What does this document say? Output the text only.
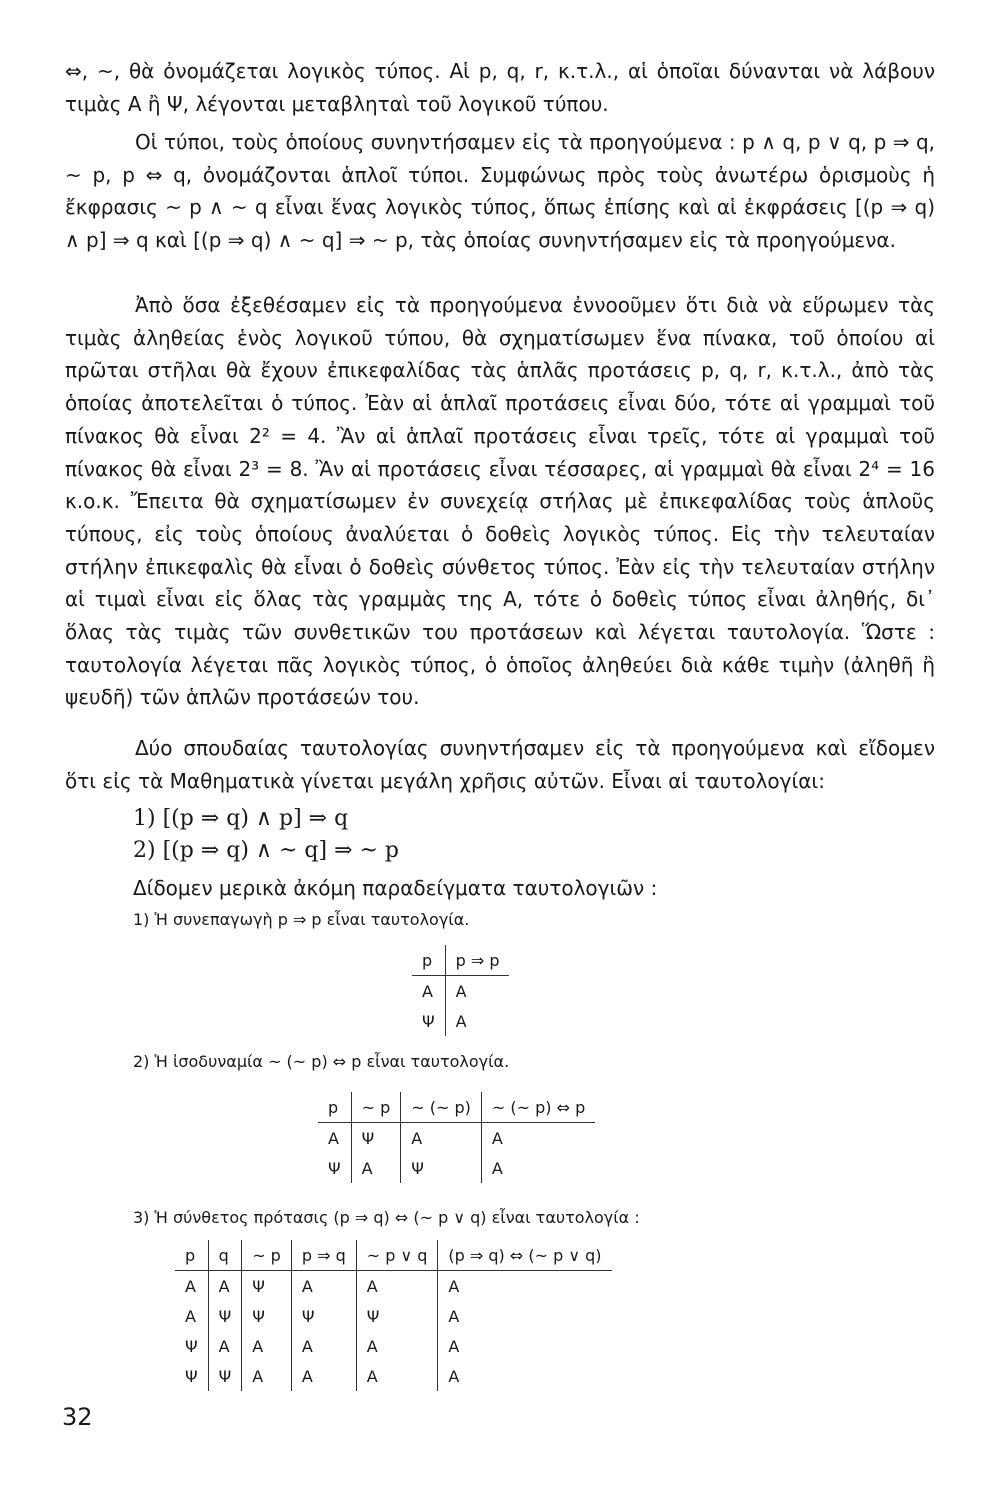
⇔, ~, θὰ ὀνομάζεται λογικὸς τύπος. Αἱ p, q, r, κ.τ.λ., αἱ ὁποῖαι δύνανται νὰ λάβουν τιμὰς Α ἢ Ψ, λέγονται μεταβληταὶ τοῦ λογικοῦ τύπου.

Οἱ τύποι, τοὺς ὁποίους συνηντήσαμεν εἰς τὰ προηγούμενα : p ∧ q, p ∨ q, p ⇒ q, ~ p, p ⇔ q, ὀνομάζονται ἁπλοῖ τύποι. Συμφώνως πρὸς τοὺς ἀνωτέρω ὁρισμοὺς ἡ ἔκφρασις ~ p ∧ ~ q εἶναι ἕνας λογικὸς τύπος, ὅπως ἐπίσης καὶ αἱ ἐκφράσεις [(p ⇒ q) ∧ p] ⇒ q καὶ [(p ⇒ q) ∧ ~ q] ⇒ ~ p, τὰς ὁποίας συνηντήσαμεν εἰς τὰ προηγούμενα.

Ἀπὸ ὅσα ἐξεθέσαμεν εἰς τὰ προηγούμενα ἐννοοῦμεν ὅτι διὰ νὰ εὕρωμεν τὰς τιμὰς ἀληθείας ἑνὸς λογικοῦ τύπου, θὰ σχηματίσωμεν ἕνα πίνακα, τοῦ ὁποίου αἱ πρῶται στῆλαι θὰ ἔχουν ἐπικεφαλίδας τὰς ἁπλᾶς προτάσεις p, q, r, κ.τ.λ., ἀπὸ τὰς ὁποίας ἀποτελεῖται ὁ τύπος. Ἐὰν αἱ ἁπλαῖ προτάσεις εἶναι δύο, τότε αἱ γραμμαὶ τοῦ πίνακος θὰ εἶναι 2² = 4. Ἂν αἱ ἁπλαῖ προτάσεις εἶναι τρεῖς, τότε αἱ γραμμαὶ τοῦ πίνακος θὰ εἶναι 2³ = 8. Ἂν αἱ προτάσεις εἶναι τέσσαρες, αἱ γραμμαὶ θὰ εἶναι 2⁴ = 16 κ.ο.κ. Ἔπειτα θὰ σχηματίσωμεν ἐν συνεχείᾳ στήλας μὲ ἐπικεφαλίδας τοὺς ἁπλοῦς τύπους, εἰς τοὺς ὁποίους ἀναλύεται ὁ δοθεὶς λογικὸς τύπος. Εἰς τὴν τελευταίαν στήλην ἐπικεφαλὶς θὰ εἶναι ὁ δοθεὶς σύνθετος τύπος. Ἐὰν εἰς τὴν τελευταίαν στήλην αἱ τιμαὶ εἶναι εἰς ὅλας τὰς γραμμὰς της Α, τότε ὁ δοθεὶς τύπος εἶναι ἀληθής, δι᾽ ὅλας τὰς τιμὰς τῶν συνθετικῶν του προτάσεων καὶ λέγεται ταυτολογία. Ὥστε : ταυτολογία λέγεται πᾶς λογικὸς τύπος, ὁ ὁποῖος ἀληθεύει διὰ κάθε τιμὴν (ἀληθῆ ἢ ψευδῆ) τῶν ἁπλῶν προτάσεών του.

Δύο σπουδαίας ταυτολογίας συνηντήσαμεν εἰς τὰ προηγούμενα καὶ εἴδομεν ὅτι εἰς τὰ Μαθηματικὰ γίνεται μεγάλη χρῆσις αὐτῶν. Εἶναι αἱ ταυτολογίαι:

1) [(p ⇒ q) ∧ p] ⇒ q

2) [(p ⇒ q) ∧ ~ q] ⇒ ~ p

Δίδομεν μερικὰ ἀκόμη παραδείγματα ταυτολογιῶν :

1) Ἡ συνεπαγωγὴ p ⇒ p εἶναι ταυτολογία.

p	p ⇒ p
Α	Α
Ψ	Α

2) Ἡ ἰσοδυναμία ~ (~ p) ⇔ p εἶναι ταυτολογία.

p	~ p	~ (~ p)	~ (~ p) ⇔ p
Α	Ψ	Α	Α
Ψ	Α	Ψ	Α

3) Ἡ σύνθετος πρότασις (p ⇒ q) ⇔ (~ p ∨ q) εἶναι ταυτολογία :

p	q	~ p	p ⇒ q	~ p ∨ q	(p ⇒ q) ⇔ (~ p ∨ q)
Α	Α	Ψ	Α	Α	Α
Α	Ψ	Ψ	Ψ	Ψ	Α
Ψ	Α	Α	Α	Α	Α
Ψ	Ψ	Α	Α	Α	Α
32
